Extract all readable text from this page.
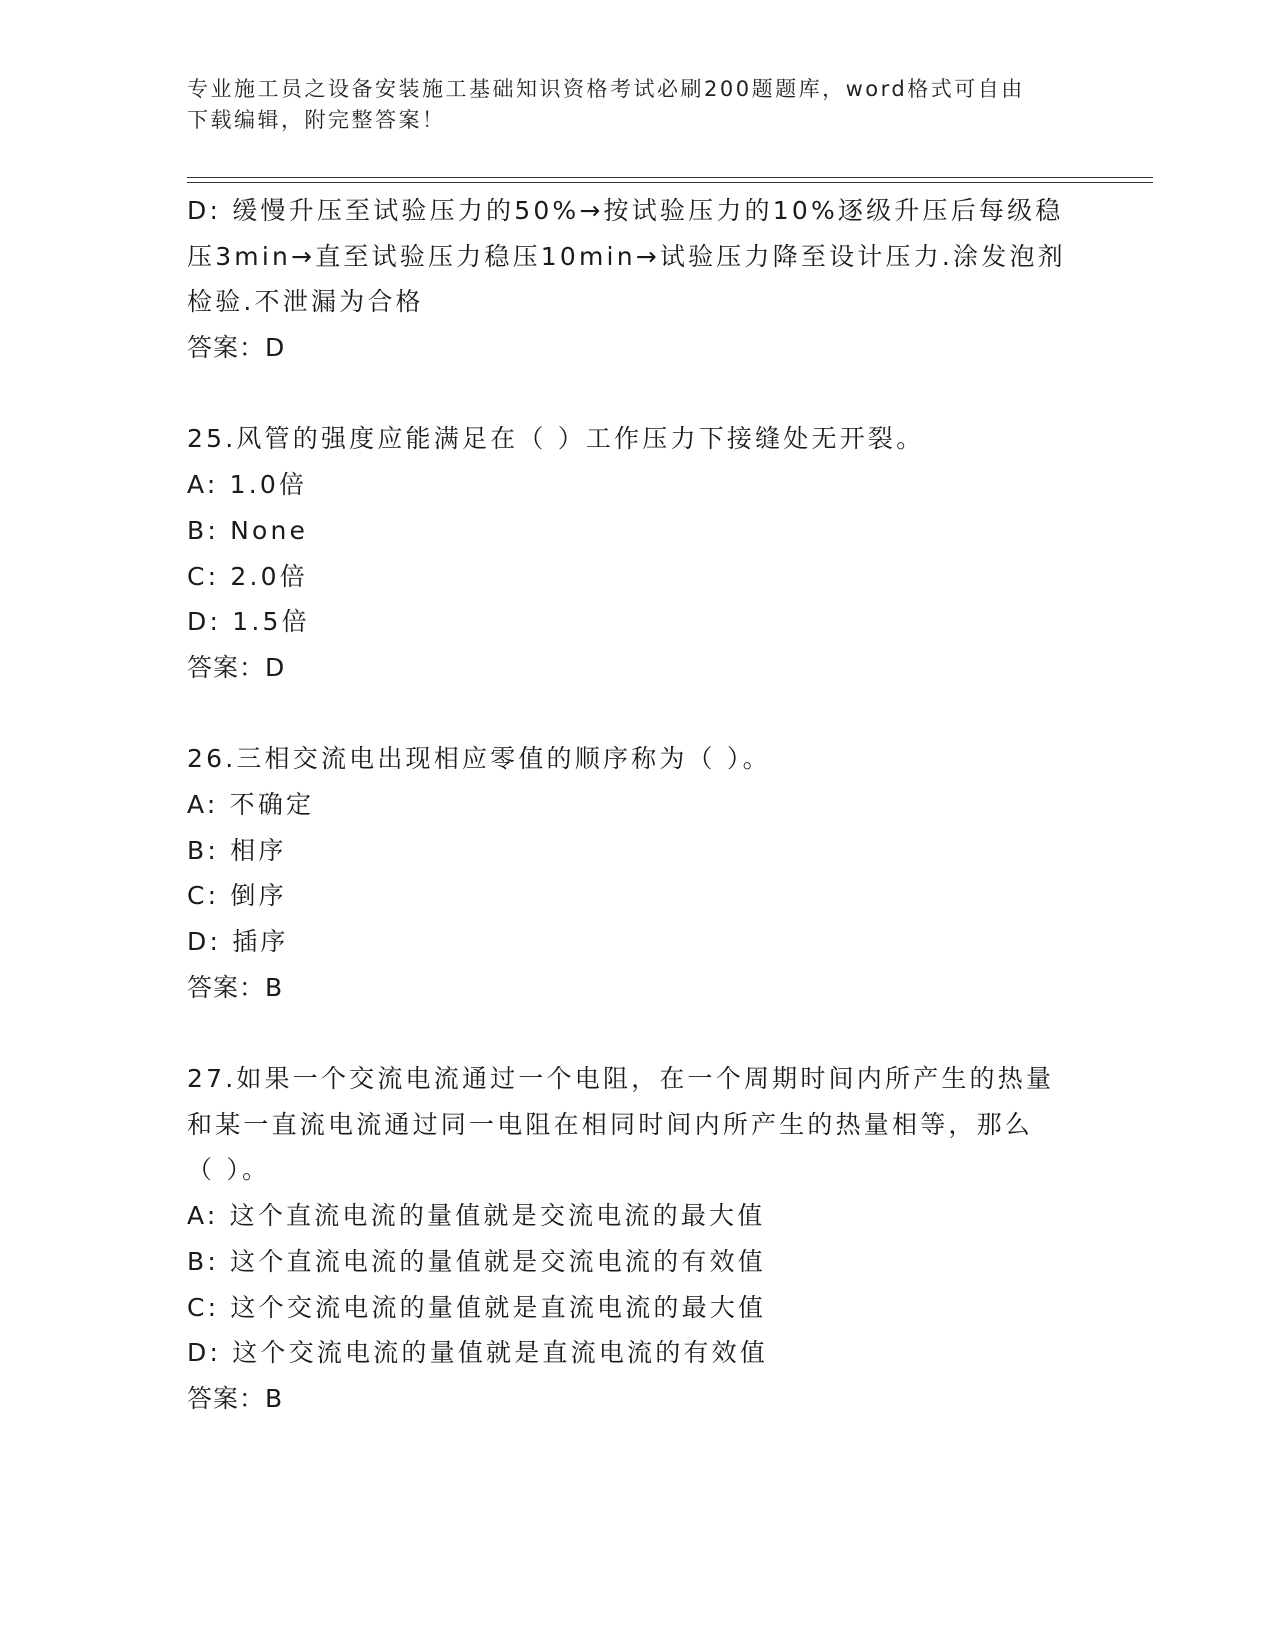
专业施工员之设备安装施工基础知识资格考试必刷200题题库，word格式可自由
下载编辑，附完整答案！
D: 缓慢升压至试验压力的50%→按试验压力的10%逐级升压后每级稳
压3min→直至试验压力稳压10min→试验压力降至设计压力.涂发泡剂
检验.不泄漏为合格
答案：D
25.风管的强度应能满足在（ ）工作压力下接缝处无开裂。
A: 1.0倍
B: None
C: 2.0倍
D: 1.5倍
答案：D
26.三相交流电出现相应零值的顺序称为（ ）。
A: 不确定
B: 相序
C: 倒序
D: 插序
答案：B
27.如果一个交流电流通过一个电阻，在一个周期时间内所产生的热量
和某一直流电流通过同一电阻在相同时间内所产生的热量相等，那么
（ ）。
A: 这个直流电流的量值就是交流电流的最大值
B: 这个直流电流的量值就是交流电流的有效值
C: 这个交流电流的量值就是直流电流的最大值
D: 这个交流电流的量值就是直流电流的有效值
答案：B
